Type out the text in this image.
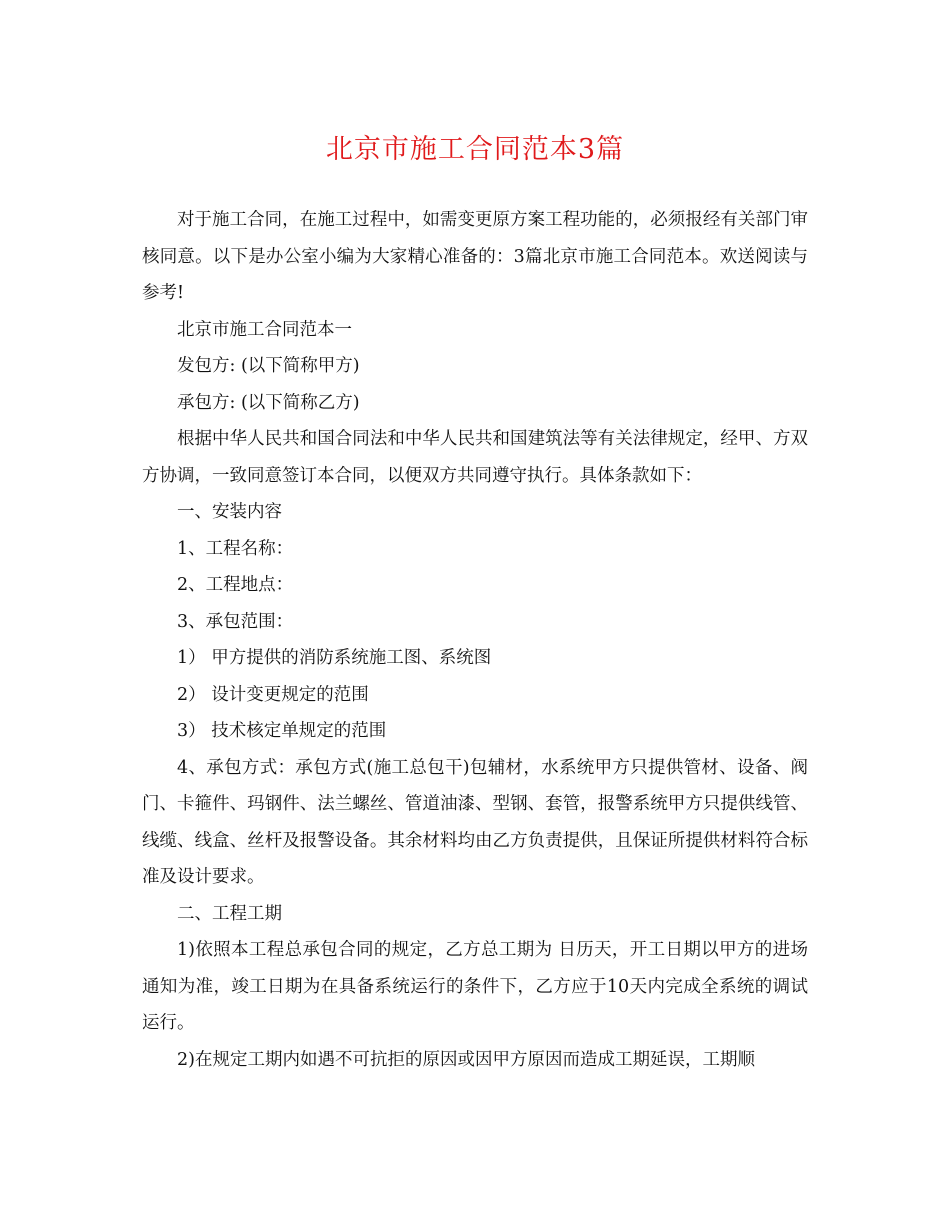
北京市施工合同范本3篇

对于施工合同，在施工过程中，如需变更原方案工程功能的，必须报经有关部门审核同意。以下是办公室小编为大家精心准备的：3篇北京市施工合同范本。欢送阅读与参考!

北京市施工合同范本一

发包方: (以下简称甲方)

承包方: (以下简称乙方)

根据中华人民共和国合同法和中华人民共和国建筑法等有关法律规定，经甲、方双方协调，一致同意签订本合同，以便双方共同遵守执行。具体条款如下：

一、安装内容

1、工程名称：

2、工程地点：

3、承包范围：

1） 甲方提供的消防系统施工图、系统图

2） 设计变更规定的范围

3） 技术核定单规定的范围

4、承包方式：承包方式(施工总包干)包辅材，水系统甲方只提供管材、设备、阀门、卡箍件、玛钢件、法兰螺丝、管道油漆、型钢、套管，报警系统甲方只提供线管、线缆、线盒、丝杆及报警设备。其余材料均由乙方负责提供，且保证所提供材料符合标准及设计要求。

二、工程工期

1)依照本工程总承包合同的规定，乙方总工期为 日历天，开工日期以甲方的进场通知为准，竣工日期为在具备系统运行的条件下，乙方应于10天内完成全系统的调试运行。

2)在规定工期内如遇不可抗拒的原因或因甲方原因而造成工期延误，工期顺
